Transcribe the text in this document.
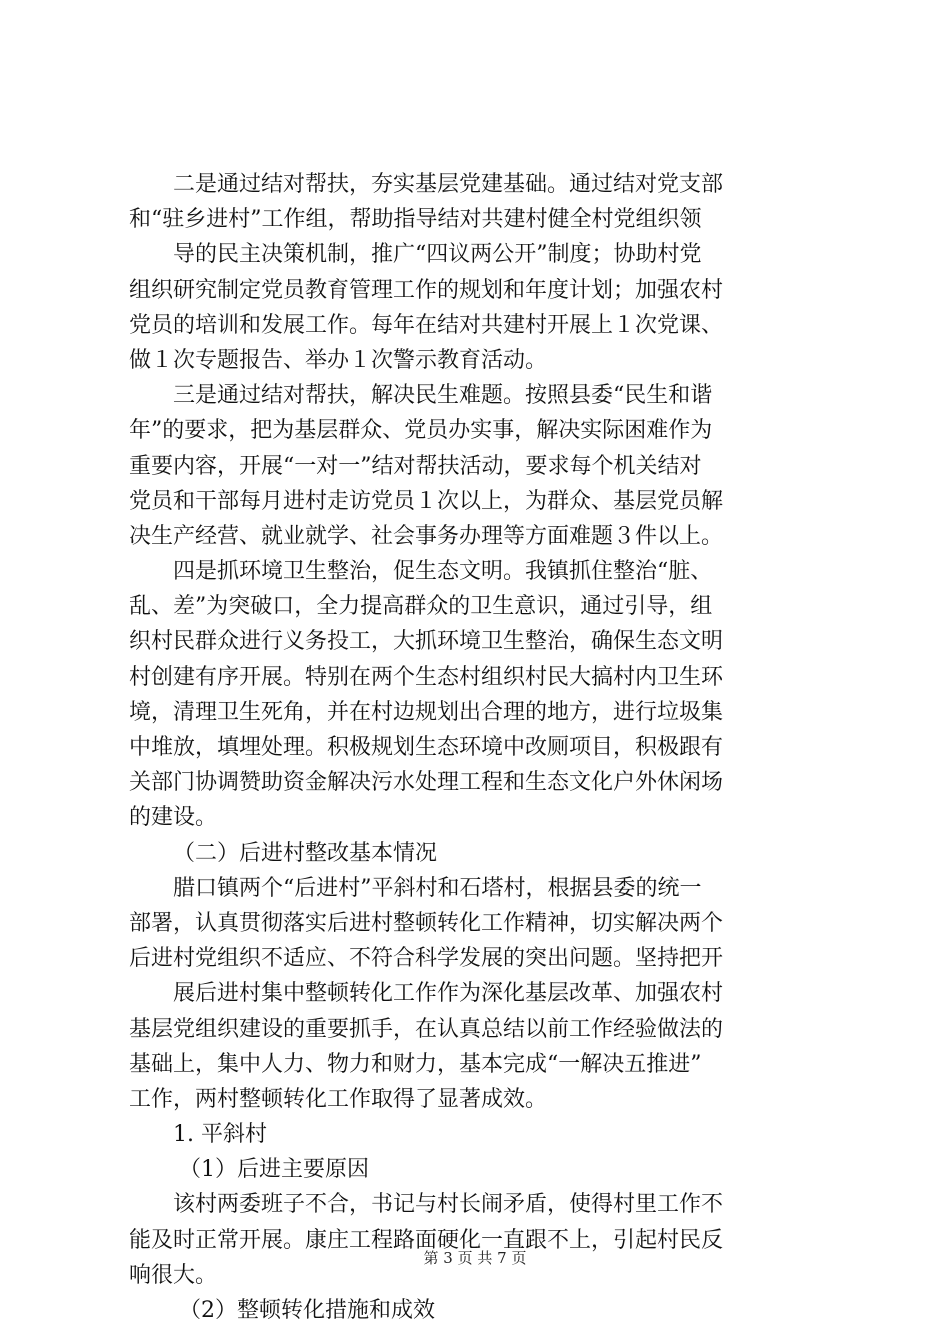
二是通过结对帮扶，夯实基层党建基础。通过结对党支部
和“驻乡进村”工作组，帮助指导结对共建村健全村党组织领
导的民主决策机制，推广“四议两公开”制度；协助村党
组织研究制定党员教育管理工作的规划和年度计划；加强农村
党员的培训和发展工作。每年在结对共建村开展上１次党课、
做１次专题报告、举办１次警示教育活动。
三是通过结对帮扶，解决民生难题。按照县委“民生和谐
年”的要求，把为基层群众、党员办实事，解决实际困难作为
重要内容，开展“一对一”结对帮扶活动，要求每个机关结对
党员和干部每月进村走访党员１次以上，为群众、基层党员解
决生产经营、就业就学、社会事务办理等方面难题３件以上。
四是抓环境卫生整治，促生态文明。我镇抓住整治“脏、
乱、差”为突破口，全力提高群众的卫生意识，通过引导，组
织村民群众进行义务投工，大抓环境卫生整治，确保生态文明
村创建有序开展。特别在两个生态村组织村民大搞村内卫生环
境，清理卫生死角，并在村边规划出合理的地方，进行垃圾集
中堆放，填埋处理。积极规划生态环境中改厕项目，积极跟有
关部门协调赞助资金解决污水处理工程和生态文化户外休闲场
的建设。
（二）后进村整改基本情况
腊口镇两个“后进村”平斜村和石塔村，根据县委的统一
部署，认真贯彻落实后进村整顿转化工作精神，切实解决两个
后进村党组织不适应、不符合科学发展的突出问题。坚持把开
展后进村集中整顿转化工作作为深化基层改革、加强农村
基层党组织建设的重要抓手，在认真总结以前工作经验做法的
基础上，集中人力、物力和财力，基本完成“一解决五推进”
工作，两村整顿转化工作取得了显著成效。
1. 平斜村
（1）后进主要原因
该村两委班子不合，书记与村长闹矛盾，使得村里工作不
能及时正常开展。康庄工程路面硬化一直跟不上，引起村民反
响很大。
（2）整顿转化措施和成效
第 3 页 共 7 页
